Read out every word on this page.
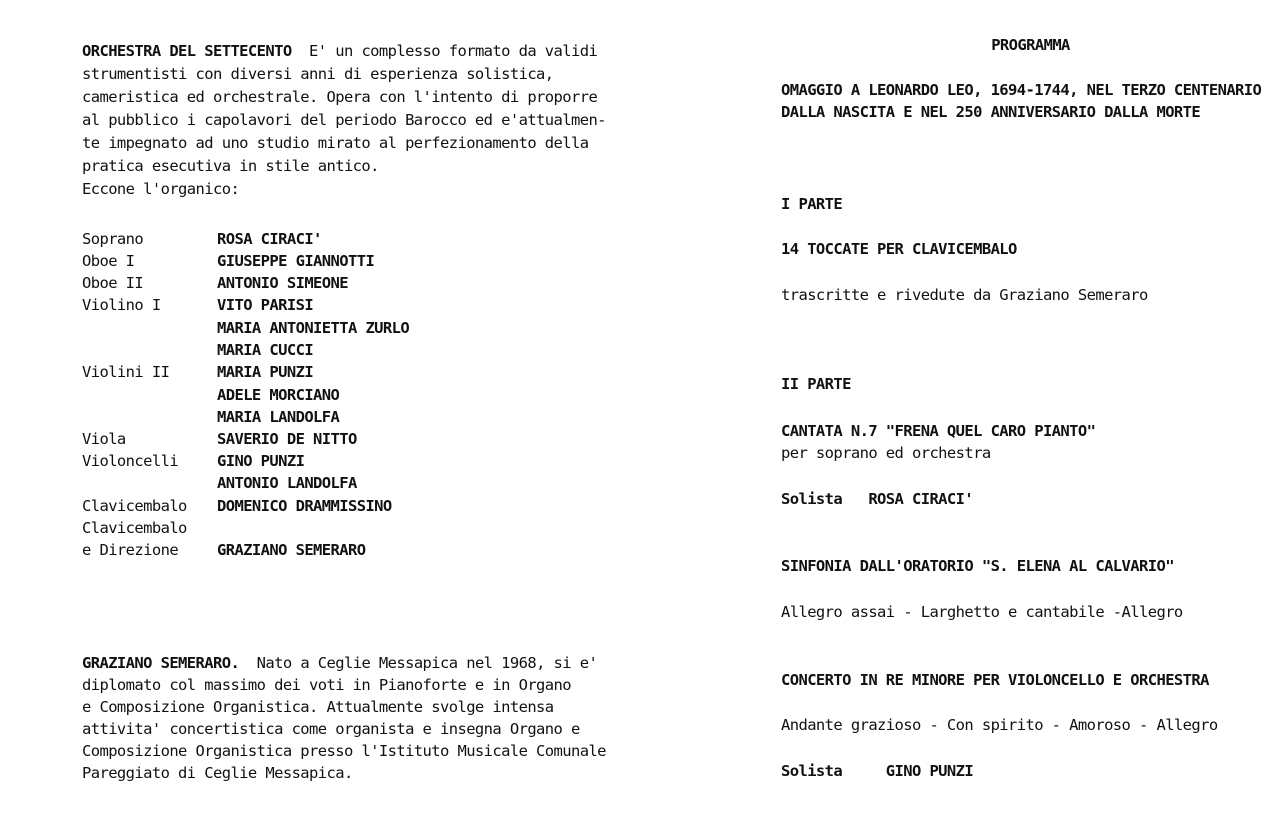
ORCHESTRA DEL SETTECENTO E' un complesso formato da validi
strumentisti con diversi anni di esperienza solistica,
cameristica ed orchestrale. Opera con l'intento di proporre
al pubblico i capolavori del periodo Barocco ed e'attualmen-
te impegnato ad uno studio mirato al perfezionamento della
pratica esecutiva in stile antico.
Eccone l'organico:
Soprano	ROSA CIRACI'
Oboe I	GIUSEPPE GIANNOTTI
Oboe II	ANTONIO SIMEONE
Violino I	VITO PARISI
MARIA ANTONIETTA ZURLO
MARIA CUCCI
Violini II	MARIA PUNZI
ADELE MORCIANO
MARIA LANDOLFA
Viola	SAVERIO DE NITTO
Violoncelli	GINO PUNZI
ANTONIO LANDOLFA
Clavicembalo DOMENICO DRAMMISSINO
Clavicembalo
e Direzione	GRAZIANO SEMERARO
GRAZIANO SEMERARO. Nato a Ceglie Messapica nel 1968, si e'
diplomato col massimo dei voti in Pianoforte e in Organo
e Composizione Organistica. Attualmente svolge intensa
attivita' concertistica come organista e insegna Organo e
Composizione Organistica presso l'Istituto Musicale Comunale
Pareggiato di Ceglie Messapica.
PROGRAMMA
OMAGGIO A LEONARDO LEO, 1694-1744, NEL TERZO CENTENARIO
DALLA NASCITA E NEL 250 ANNIVERSARIO DALLA MORTE
I PARTE
14 TOCCATE PER CLAVICEMBALO
trascritte e rivedute da Graziano Semeraro
II PARTE
CANTATA N.7 "FRENA QUEL CARO PIANTO"
per soprano ed orchestra
Solista   ROSA CIRACI'
SINFONIA DALL'ORATORIO "S. ELENA AL CALVARIO"
Allegro assai - Larghetto e cantabile -Allegro
CONCERTO IN RE MINORE PER VIOLONCELLO E ORCHESTRA
Andante grazioso - Con spirito - Amoroso - Allegro
Solista     GINO PUNZI
